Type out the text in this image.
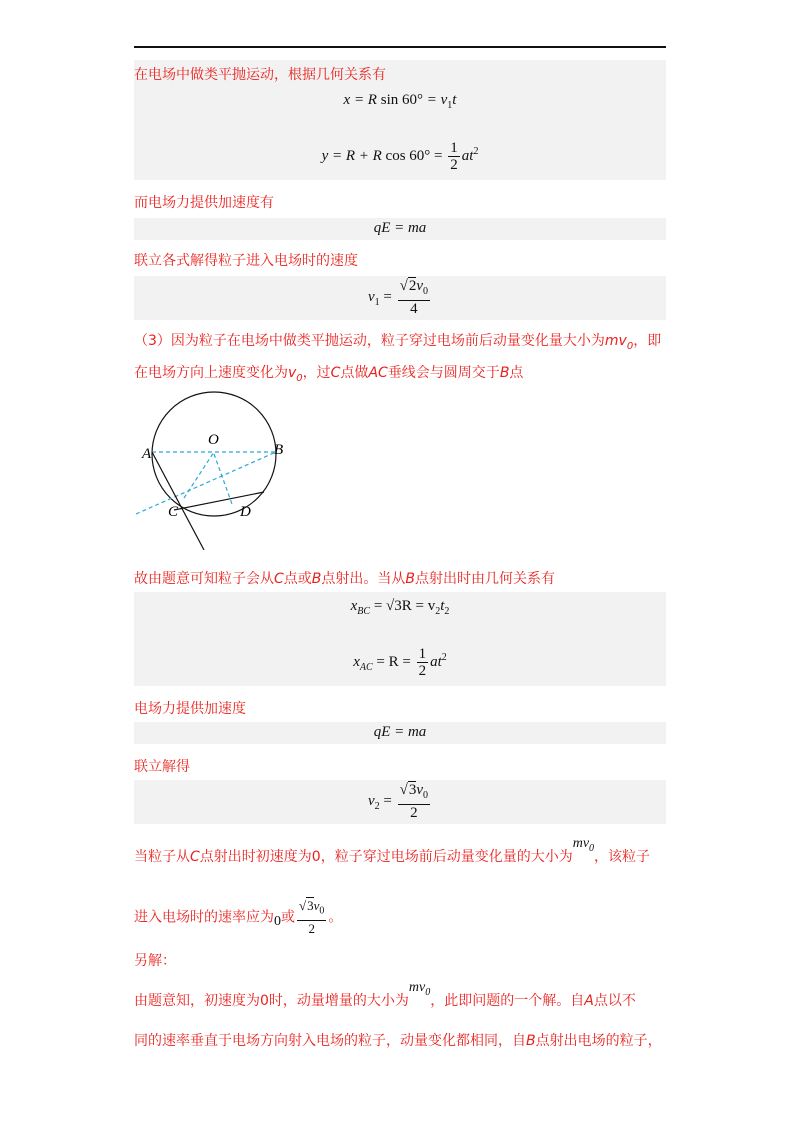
在电场中做类平抛运动，根据几何关系有
x = R $\sin 60^\circ = v_1t$
y = R + R $\cos 60^\circ = \frac{1}{2} at^2$
而电场力提供加速度有
qE = ma
联立各式解得粒子进入电场时的速度
$v_1 = \frac{√2v_0}{4}$
（3）因为粒子在电场中做类平抛运动，粒子穿过电场前后动量变化量大小为$mv_0$，即
在电场方向上速度变化为$v_0$，过C点做AC垂线会与圆周交于B点
O
A	B
C	D
故由题意可知粒子会从C点或B点射出。当从B点射出时由几何关系有
$x_{BC} = √3R = v_2t_2$
$x_{AC} = R = \frac{1}{2} at^2$
电场力提供加速度
qE = ma
联立解得
$v_2 = \frac{√3v_0}{2}$
当粒子从C点射出时初速度为0，粒子穿过电场前后动量变化量的大小为$mv_0$，该粒子
进入电场时的速率应为0或 $\frac{√3v_0}{2}$ 。
另解：
由题意知，初速度为0时，动量增量的大小为$mv_0$，此即问题的一个解。自A点以不
同的速率垂直于电场方向射入电场的粒子，动量变化都相同，自B点射出电场的粒子，
